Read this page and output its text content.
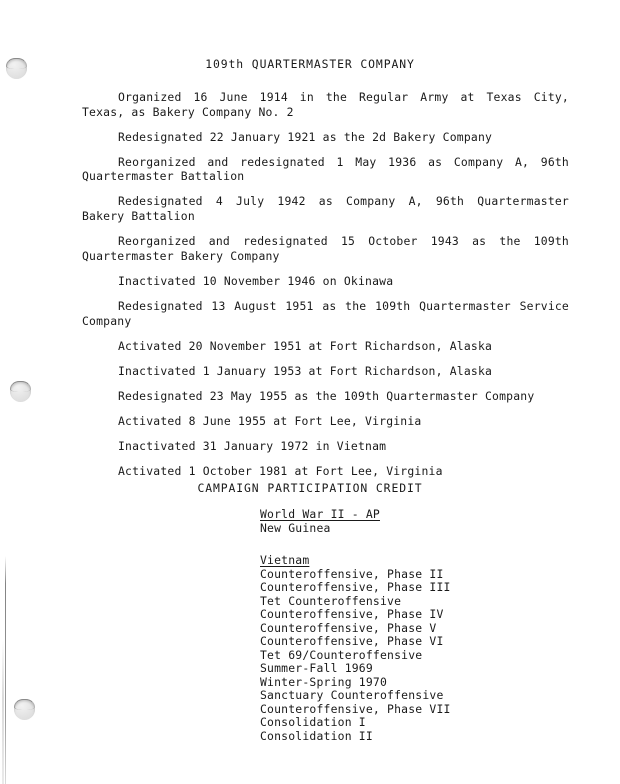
109th QUARTERMASTER COMPANY

Organized 16 June 1914 in the Regular Army at Texas City, Texas, as Bakery Company No. 2

Redesignated 22 January 1921 as the 2d Bakery Company

Reorganized and redesignated 1 May 1936 as Company A, 96th Quartermaster Battalion

Redesignated 4 July 1942 as Company A, 96th Quartermaster Bakery Battalion

Reorganized and redesignated 15 October 1943 as the 109th Quartermaster Bakery Company

Inactivated 10 November 1946 on Okinawa

Redesignated 13 August 1951 as the 109th Quartermaster Service Company

Activated 20 November 1951 at Fort Richardson, Alaska

Inactivated 1 January 1953 at Fort Richardson, Alaska

Redesignated 23 May 1955 as the 109th Quartermaster Company

Activated 8 June 1955 at Fort Lee, Virginia

Inactivated 31 January 1972 in Vietnam

Activated 1 October 1981 at Fort Lee, Virginia

CAMPAIGN PARTICIPATION CREDIT
World War II - AP
New Guinea
Vietnam
Counteroffensive, Phase II
Counteroffensive, Phase III
Tet Counteroffensive
Counteroffensive, Phase IV
Counteroffensive, Phase V
Counteroffensive, Phase VI
Tet 69/Counteroffensive
Summer-Fall 1969
Winter-Spring 1970
Sanctuary Counteroffensive
Counteroffensive, Phase VII
Consolidation I
Consolidation II
